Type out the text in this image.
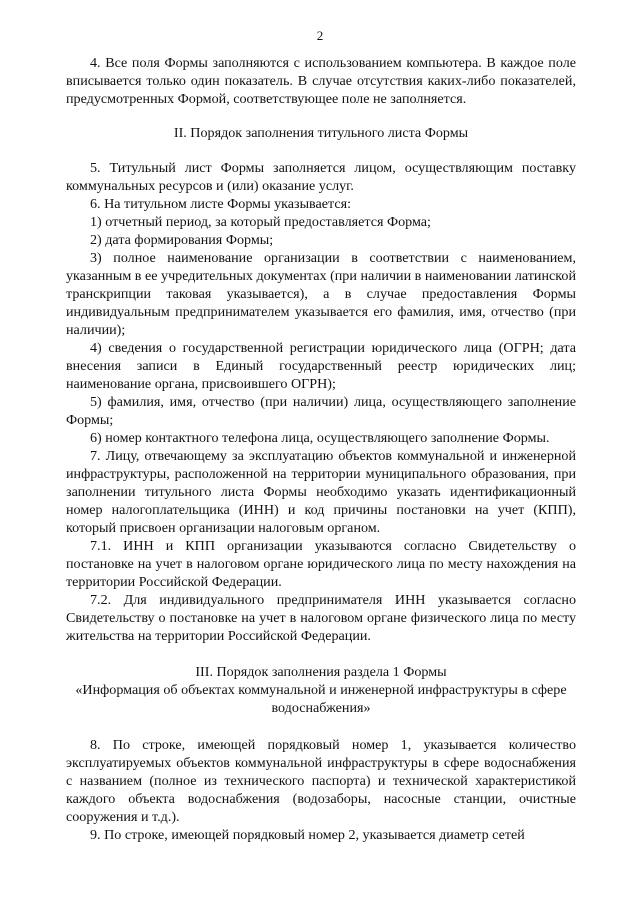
2

4. Все поля Формы заполняются с использованием компьютера. В каждое поле вписывается только один показатель. В случае отсутствия каких-либо показателей, предусмотренных Формой, соответствующее поле не заполняется.

II. Порядок заполнения титульного листа Формы

5. Титульный лист Формы заполняется лицом, осуществляющим поставку коммунальных ресурсов и (или) оказание услуг.

6. На титульном листе Формы указывается:

1) отчетный период, за который предоставляется Форма;

2) дата формирования Формы;

3) полное наименование организации в соответствии с наименованием, указанным в ее учредительных документах (при наличии в наименовании латинской транскрипции таковая указывается), а в случае предоставления Формы индивидуальным предпринимателем указывается его фамилия, имя, отчество (при наличии);

4) сведения о государственной регистрации юридического лица (ОГРН; дата внесения записи в Единый государственный реестр юридических лиц; наименование органа, присвоившего ОГРН);

5) фамилия, имя, отчество (при наличии) лица, осуществляющего заполнение Формы;

6) номер контактного телефона лица, осуществляющего заполнение Формы.

7. Лицу, отвечающему за эксплуатацию объектов коммунальной и инженерной инфраструктуры, расположенной на территории муниципального образования, при заполнении титульного листа Формы необходимо указать идентификационный номер налогоплательщика (ИНН) и код причины постановки на учет (КПП), который присвоен организации налоговым органом.

7.1. ИНН и КПП организации указываются согласно Свидетельству о постановке на учет в налоговом органе юридического лица по месту нахождения на территории Российской Федерации.

7.2. Для индивидуального предпринимателя ИНН указывается согласно Свидетельству о постановке на учет в налоговом органе физического лица по месту жительства на территории Российской Федерации.

III. Порядок заполнения раздела 1 Формы

«Информация об объектах коммунальной и инженерной инфраструктуры в сфере водоснабжения»

8. По строке, имеющей порядковый номер 1, указывается количество эксплуатируемых объектов коммунальной инфраструктуры в сфере водоснабжения с названием (полное из технического паспорта) и технической характеристикой каждого объекта водоснабжения (водозаборы, насосные станции, очистные сооружения и т.д.).

9. По строке, имеющей порядковый номер 2, указывается диаметр сетей
